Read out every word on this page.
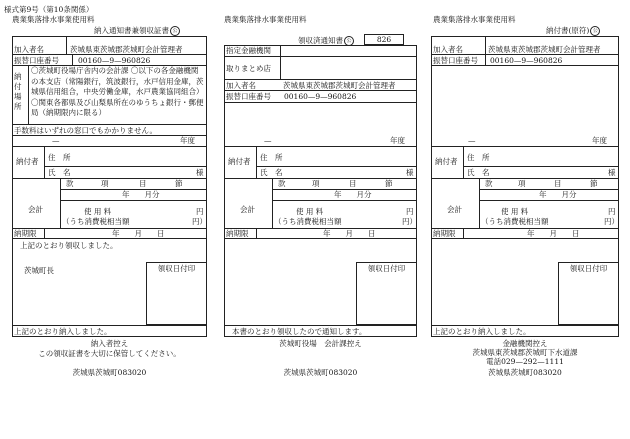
様式第9号（第10条関係）
農業集落排水事業使用料
納入通知書兼領収証書 公
加入者名	茨城県東茨城郡茨城町会計管理者
振替口座番号	00160—9—960826
納付場所
〇茨城町役場庁舎内の会計課 〇以下の各金融機関の本支店（常陽銀行，筑波銀行，水戸信用金庫，茨城県信用組合，中央労働金庫，水戸農業協同組合） 〇関東各都県及び山梨県所在のゆうちょ銀行・郵便局（納期限内に限る）
手数料はいずれの窓口でもかかりません。
—	年度
納付者 住　所
氏　名	様
款	項	目	節
年　　月分
会計	使 用 料	円
（うち消費税相当額	円）
納期限	年　　月　　日
上記のとおり領収しました。
茨城町長	領収日付印
上記のとおり納入しました。
納入者控え
この領収証書を大切に保管してください。
茨城県茨城町083020
農業集落排水事業使用料
領収済通知書 公	826
指定金融機関
取りまとめ店
加入者名	茨城県東茨城郡茨城町会計管理者
振替口座番号 00160—9—960826
—	年度
納付者 住　所
氏　名	様
款	項	目	節
年　　月分
会計	使 用 料	円
（うち消費税相当額	円）
納期限	年　　月　　日
領収日付印
本書のとおり領収したので通知します。
茨城町役場　会計課控え
茨城県茨城町083020
農業集落排水事業使用料
納付書(原符) 公
加入者名	茨城県東茨城郡茨城町会計管理者
振替口座番号 00160—9—960826
—	年度
納付者 住　所
氏　名	様
款	項	目	節
年　　月分
会計	使 用 料	円
（うち消費税相当額	円）
納期限	年　　月　　日
領収日付印
上記のとおり納入しました。
金融機関控え
茨城県東茨城郡茨城町下水道課
電話029—292—1111
茨城県茨城町083020
